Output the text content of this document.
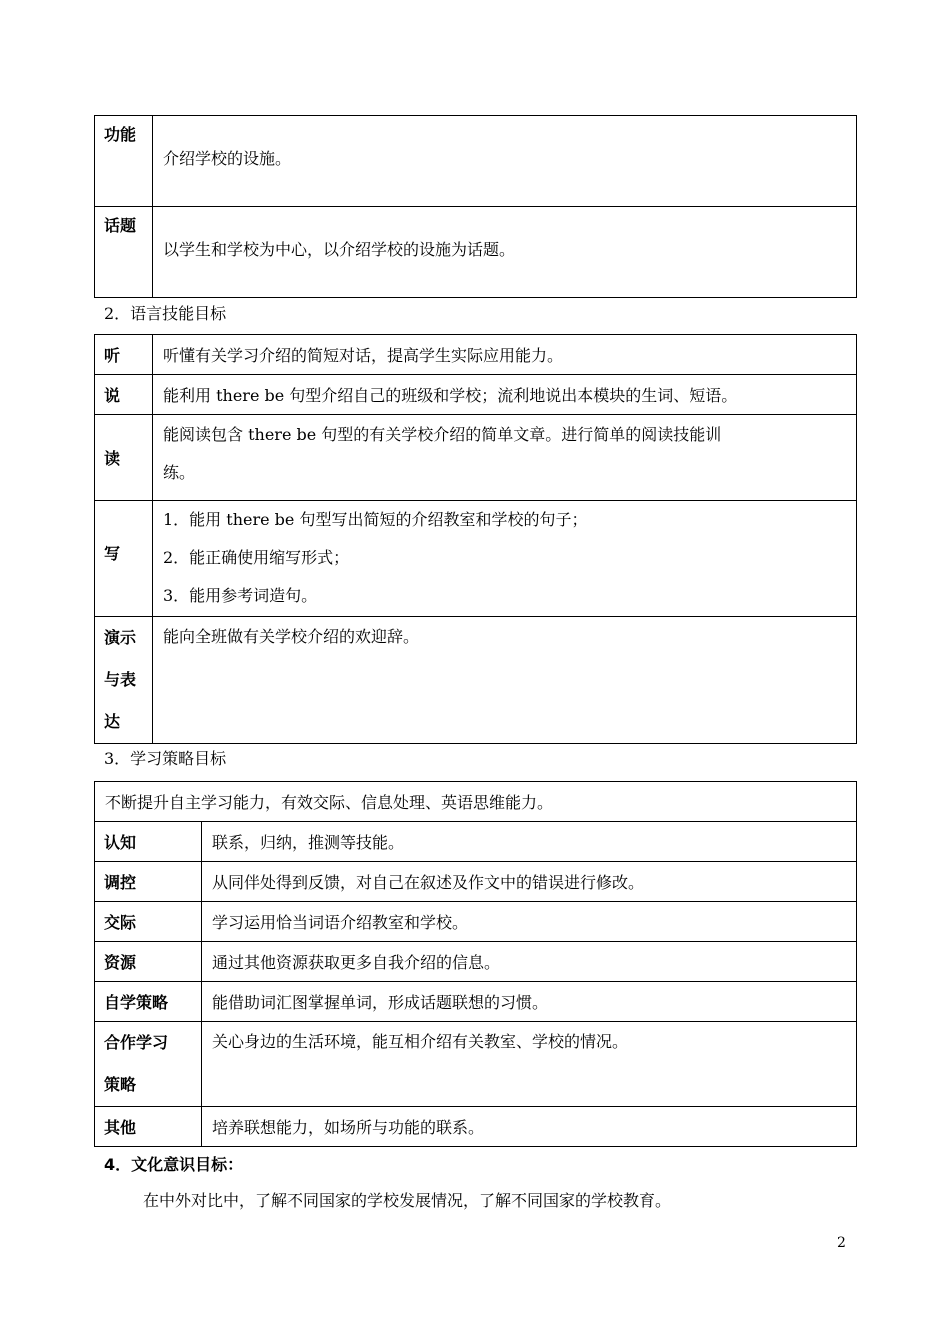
功能	介绍学校的设施。
话题	以学生和学校为中心，以介绍学校的设施为话题。
2．语言技能目标
听	听懂有关学习介绍的简短对话，提高学生实际应用能力。
说	能利用 there be 句型介绍自己的班级和学校；流利地说出本模块的生词、短语。
读	能阅读包含 there be 句型的有关学校介绍的简单文章。进行简单的阅读技能训
练。

写	1．能用 there be 句型写出简短的介绍教室和学校的句子；
2．能正确使用缩写形式；
3．能用参考词造句。

演示
与表
达	能向全班做有关学校介绍的欢迎辞。
3．学习策略目标
不断提升自主学习能力，有效交际、信息处理、英语思维能力。	
认知	联系，归纳，推测等技能。
调控	从同伴处得到反馈，对自己在叙述及作文中的错误进行修改。
交际	学习运用恰当词语介绍教室和学校。
资源	通过其他资源获取更多自我介绍的信息。
自学策略	能借助词汇图掌握单词，形成话题联想的习惯。

合作学习
策略	关心身边的生活环境，能互相介绍有关教室、学校的情况。
其他	培养联想能力，如场所与功能的联系。
4．文化意识目标：
在中外对比中，了解不同国家的学校发展情况，了解不同国家的学校教育。
2
